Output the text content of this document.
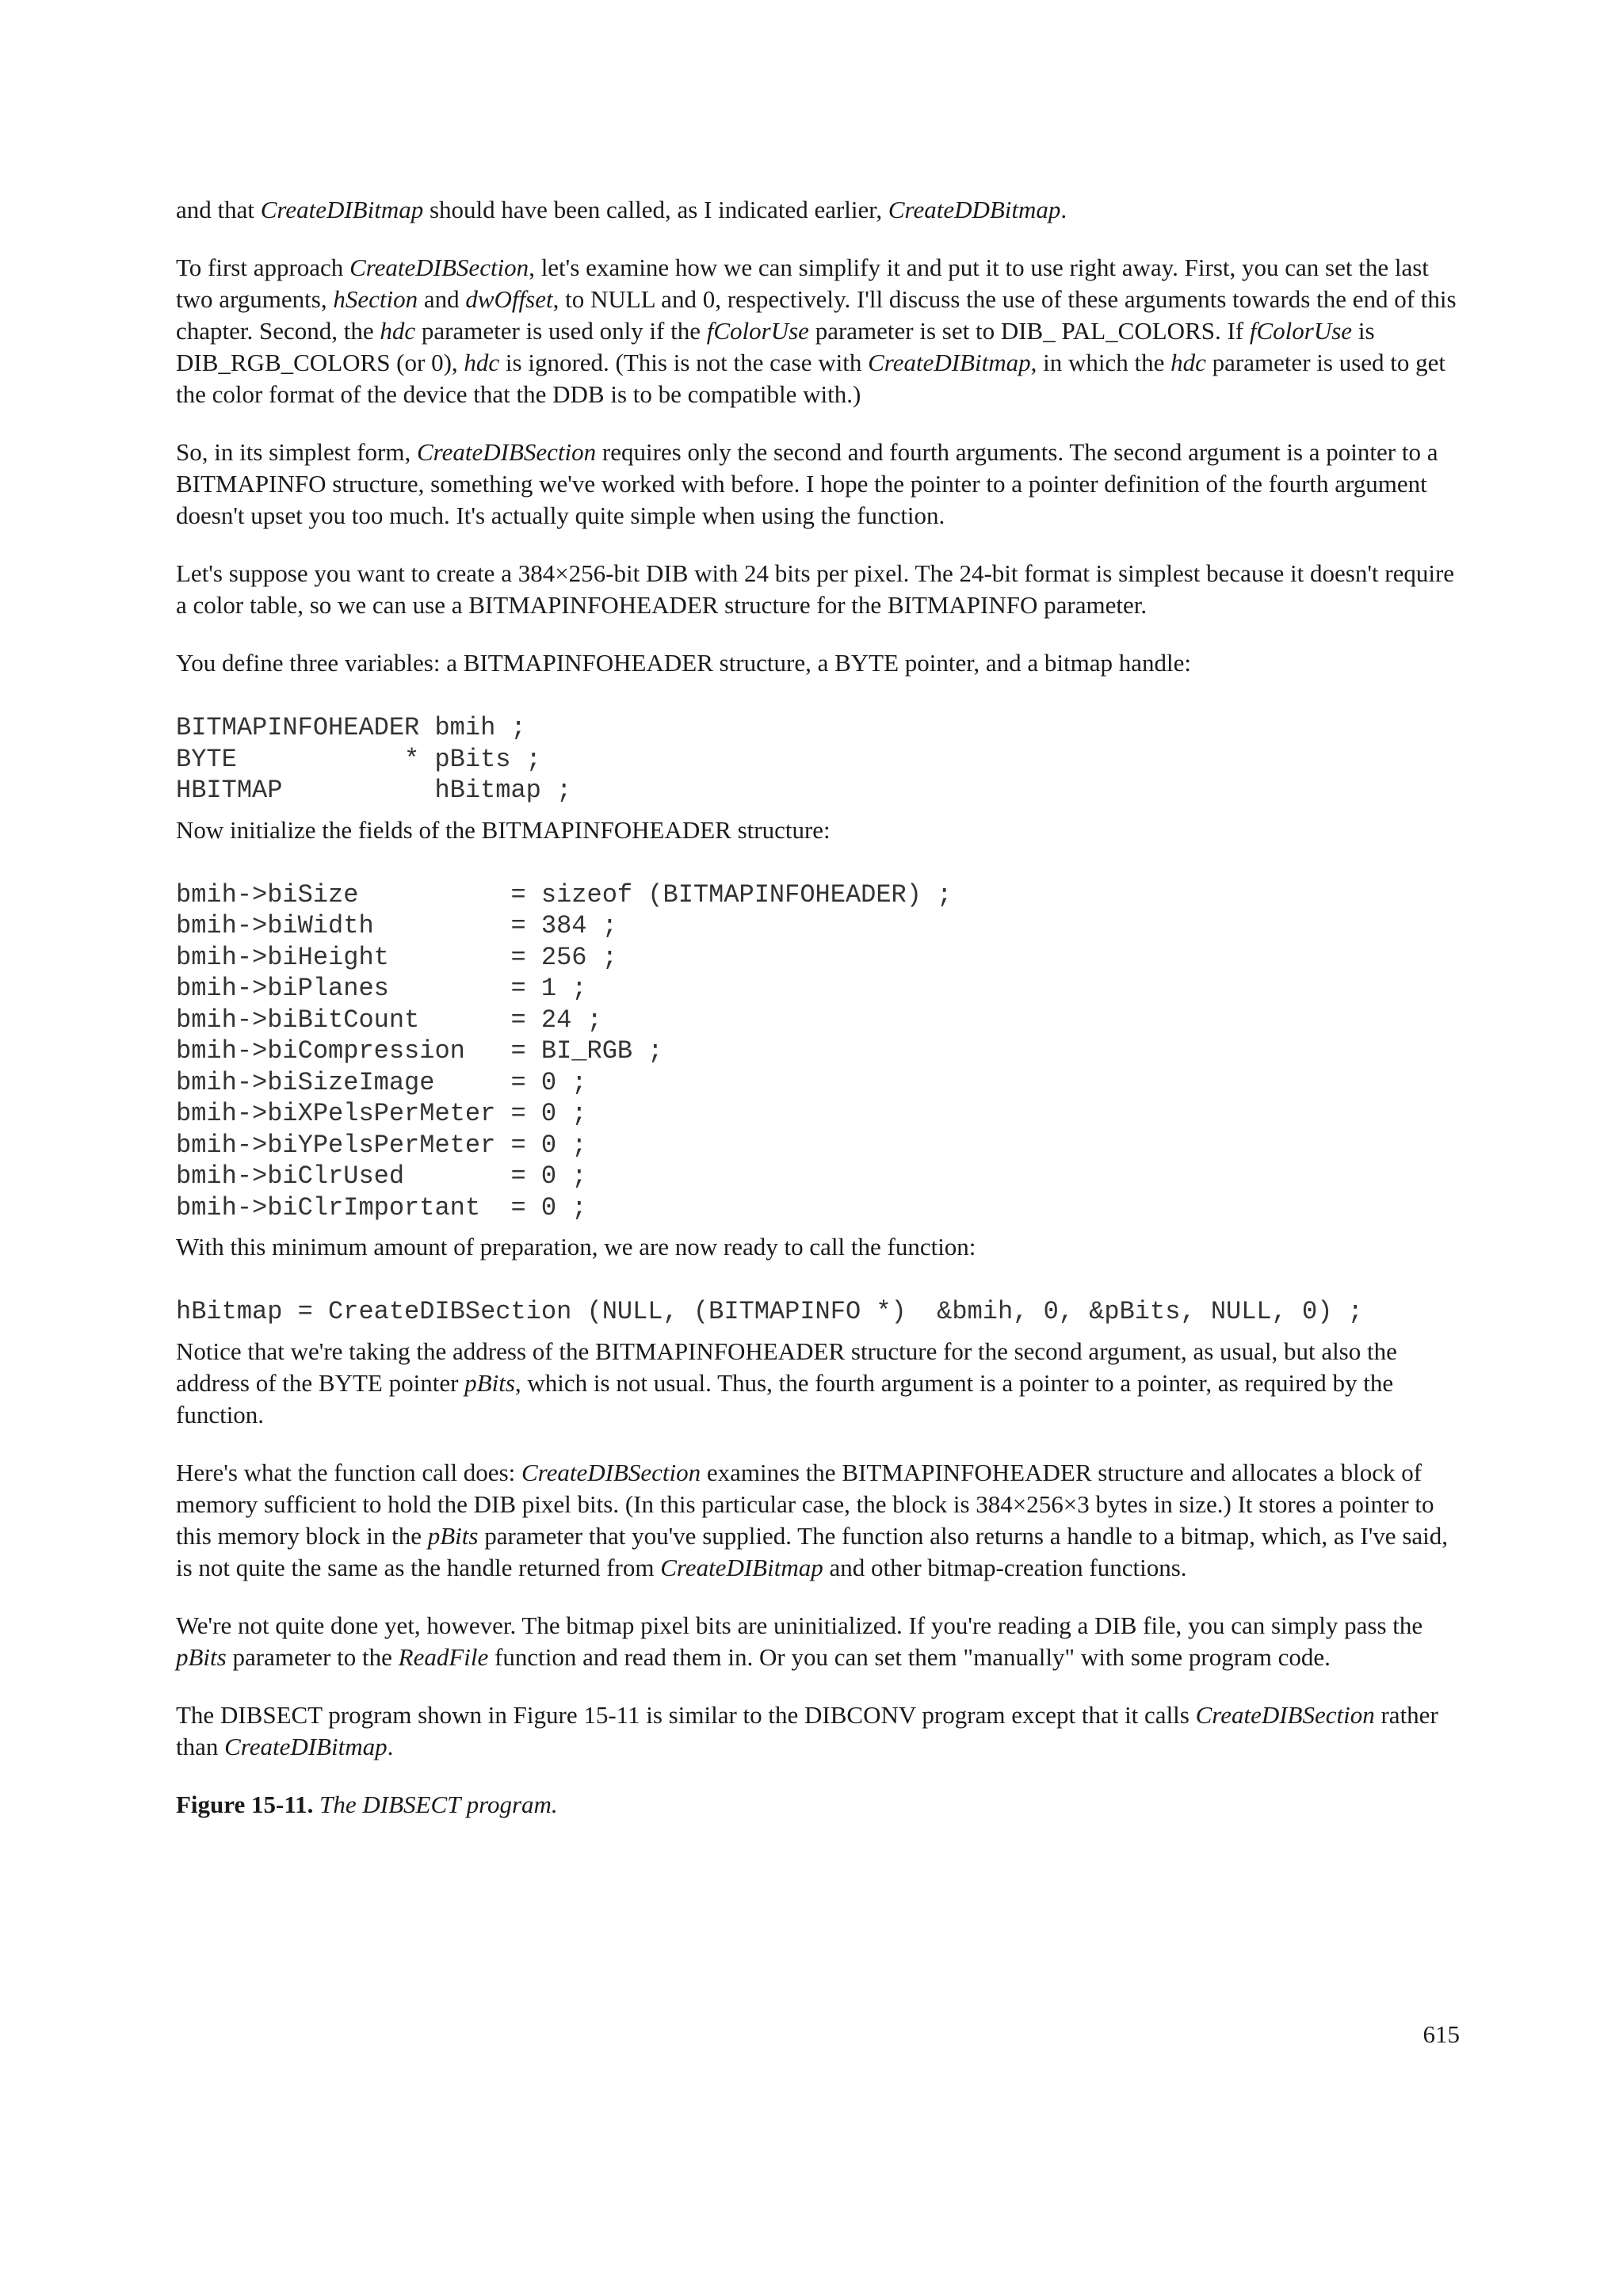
and that CreateDIBitmap should have been called, as I indicated earlier, CreateDDBitmap.

To first approach CreateDIBSection, let's examine how we can simplify it and put it to use right away. First, you can set the last two arguments, hSection and dwOffset, to NULL and 0, respectively. I'll discuss the use of these arguments towards the end of this chapter. Second, the hdc parameter is used only if the fColorUse parameter is set to DIB_ PAL_COLORS. If fColorUse is DIB_RGB_COLORS (or 0), hdc is ignored. (This is not the case with CreateDIBitmap, in which the hdc parameter is used to get the color format of the device that the DDB is to be compatible with.)

So, in its simplest form, CreateDIBSection requires only the second and fourth arguments. The second argument is a pointer to a BITMAPINFO structure, something we've worked with before. I hope the pointer to a pointer definition of the fourth argument doesn't upset you too much. It's actually quite simple when using the function.

Let's suppose you want to create a 384×256-bit DIB with 24 bits per pixel. The 24-bit format is simplest because it doesn't require a color table, so we can use a BITMAPINFOHEADER structure for the BITMAPINFO parameter.

You define three variables: a BITMAPINFOHEADER structure, a BYTE pointer, and a bitmap handle:

BITMAPINFOHEADER bmih ;
BYTE           * pBits ;
HBITMAP          hBitmap ;

Now initialize the fields of the BITMAPINFOHEADER structure:

bmih->biSize          = sizeof (BITMAPINFOHEADER) ;
bmih->biWidth         = 384 ;
bmih->biHeight        = 256 ;
bmih->biPlanes        = 1 ;
bmih->biBitCount      = 24 ;
bmih->biCompression   = BI_RGB ;
bmih->biSizeImage     = 0 ;
bmih->biXPelsPerMeter = 0 ;
bmih->biYPelsPerMeter = 0 ;
bmih->biClrUsed       = 0 ;
bmih->biClrImportant  = 0 ;

With this minimum amount of preparation, we are now ready to call the function:

hBitmap = CreateDIBSection (NULL, (BITMAPINFO *)  &bmih, 0, &pBits, NULL, 0) ;

Notice that we're taking the address of the BITMAPINFOHEADER structure for the second argument, as usual, but also the address of the BYTE pointer pBits, which is not usual. Thus, the fourth argument is a pointer to a pointer, as required by the function.

Here's what the function call does: CreateDIBSection examines the BITMAPINFOHEADER structure and allocates a block of memory sufficient to hold the DIB pixel bits. (In this particular case, the block is 384×256×3 bytes in size.) It stores a pointer to this memory block in the pBits parameter that you've supplied. The function also returns a handle to a bitmap, which, as I've said, is not quite the same as the handle returned from CreateDIBitmap and other bitmap-creation functions.

We're not quite done yet, however. The bitmap pixel bits are uninitialized. If you're reading a DIB file, you can simply pass the pBits parameter to the ReadFile function and read them in. Or you can set them "manually" with some program code.

The DIBSECT program shown in Figure 15-11 is similar to the DIBCONV program except that it calls CreateDIBSection rather than CreateDIBitmap.

Figure 15-11. The DIBSECT program.

615
